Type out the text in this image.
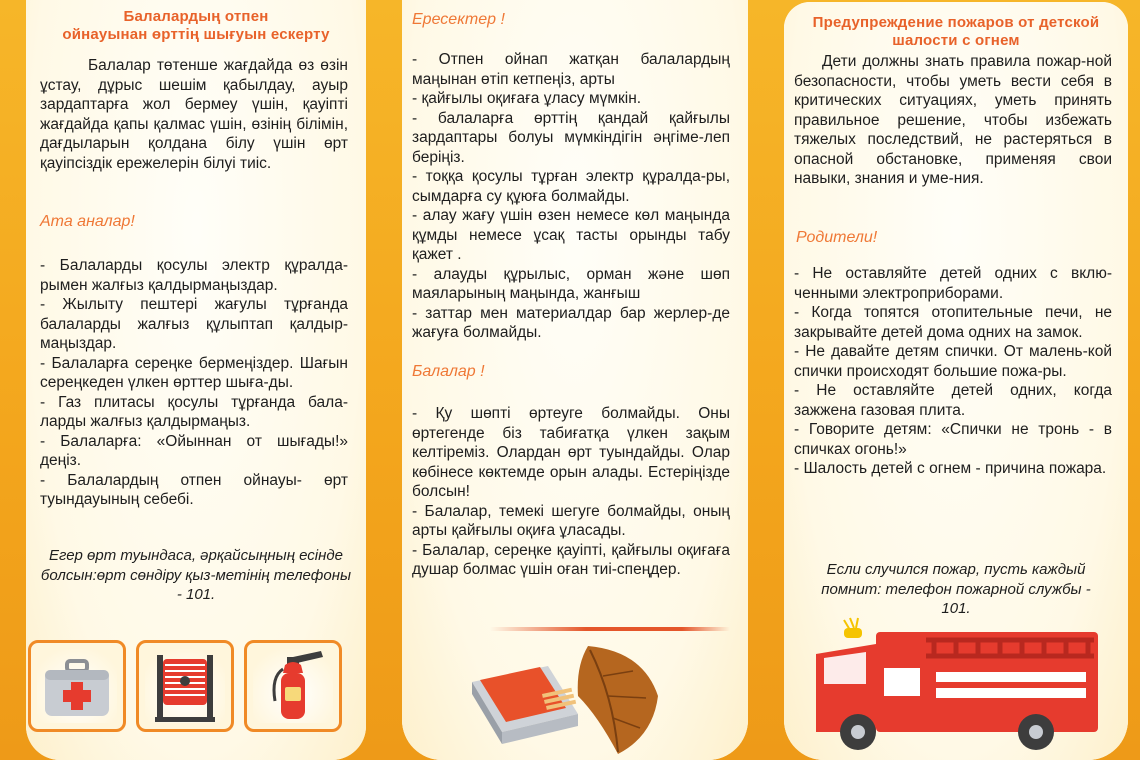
Балалардың отпен
ойнауынан өрттің шығуын ескерту
Балалар төтенше жағдайда өз өзін ұстау, дұрыс шешім қабылдау, ауыр зардаптарға жол бермеу үшін, қауіпті жағдайда қапы қалмас үшін, өзінің білімін, дағдыларын қолдана білу үшін өрт қауіпсіздік ережелерін білуі тиіс.
Ата аналар!
- Балаларды қосулы электр құралда-рымен жалғыз қалдырмаңыздар.
- Жылыту пештері жағулы тұрғанда балаларды жалғыз құлыптап қалдыр-маңыздар.
- Балаларға сереңке бермеңіздер. Шағын сереңкеден үлкен өрттер шыға-ды.
- Газ плитасы қосулы тұрғанда бала-ларды жалғыз қалдырмаңыз.
- Балаларға: «Ойыннан от шығады!» деңіз.
- Балалардың отпен ойнауы- өрт туындауының себебі.
Егер өрт туындаса, әрқайсыңның есінде болсын:өрт сөндіру қыз-метінің телефоны - 101.
Ересектер !
- Отпен ойнап жатқан балалардың маңынан өтіп кетпеңіз, арты
- қайғылы оқиғаға ұласу мүмкін.
- балаларға өрттің қандай қайғылы зардаптары болуы мүмкіндігін әңгіме-леп беріңіз.
- тоққа қосулы тұрған электр құралда-ры, сымдарға су құюға болмайды.
- алау жағу үшін өзен немесе көл маңында құмды немесе ұсақ тасты орынды табу қажет .
- алауды құрылыс, орман және шөп маяларының маңында, жанғыш
- заттар мен материалдар бар жерлер-де жағуға болмайды.
Балалар !
- Қу шөпті өртеуге болмайды. Оны өртегенде біз табиғатқа үлкен зақым келтіреміз. Олардан өрт туындайды. Олар көбінесе көктемде орын алады. Естеріңізде болсын!
- Балалар, темекі шегуге болмайды, оның арты қайғылы оқиға ұласады.
- Балалар, сереңке қауіпті, қайғылы оқиғаға душар болмас үшін оған тиі-спеңдер.
Предупреждение пожаров от детской
шалости с огнем
Дети должны знать правила пожар-ной безопасности, чтобы уметь вести себя в критических ситуациях, уметь принять правильное решение, чтобы избежать тяжелых последствий, не растеряться в опасной обстановке, применяя свои навыки, знания и уме-ния.
Родители!
- Не оставляйте детей одних с вклю-ченными электроприборами.
- Когда топятся отопительные печи, не закрывайте детей дома одних на замок.
- Не давайте детям спички. От малень-кой спички происходят большие пожа-ры.
- Не оставляйте детей одних, когда зажжена газовая плита.
- Говорите детям: «Спички не тронь - в спичках огонь!»
- Шалость детей с огнем - причина пожара.
Если случился пожар, пусть каждый помнит: телефон пожарной службы - 101.
